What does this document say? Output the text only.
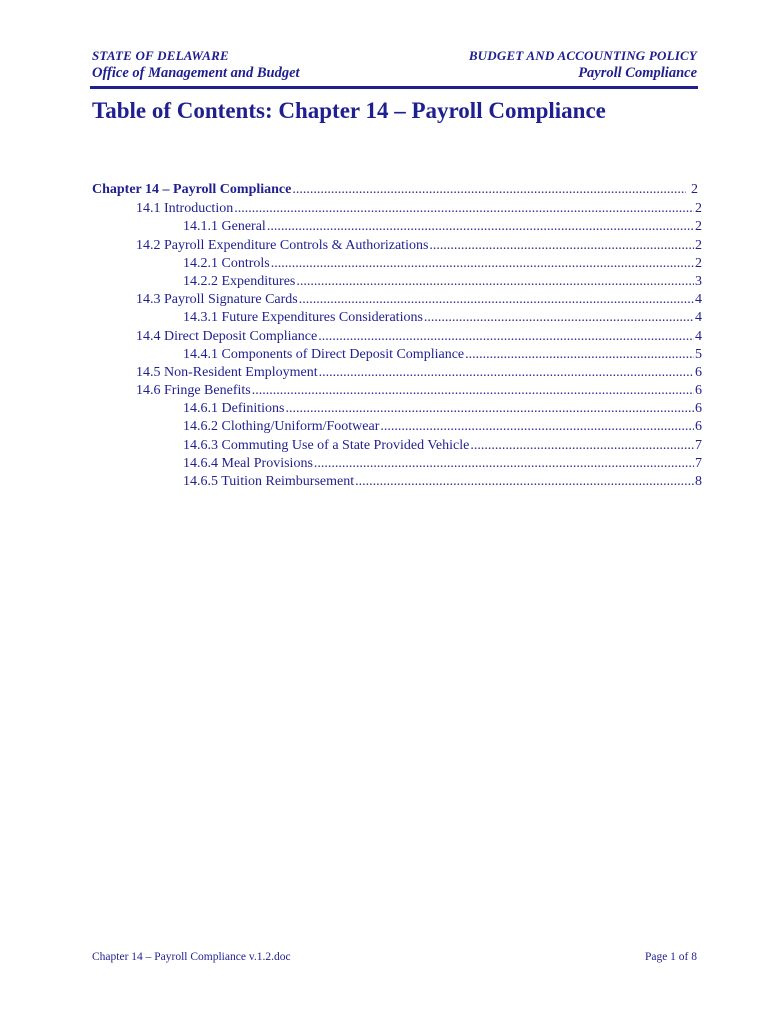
STATE OF DELAWARE
Office of Management and Budget
BUDGET AND ACCOUNTING POLICY
Payroll Compliance
Table of Contents: Chapter 14 – Payroll Compliance
Chapter 14 – Payroll Compliance .....	2
14.1 Introduction .....	2
14.1.1 General .....	2
14.2 Payroll Expenditure Controls & Authorizations .....	2
14.2.1 Controls .....	2
14.2.2 Expenditures .....	3
14.3 Payroll Signature Cards .....	4
14.3.1 Future Expenditures Considerations .....	4
14.4 Direct Deposit Compliance .....	4
14.4.1 Components of Direct Deposit Compliance .....	5
14.5 Non-Resident Employment .....	6
14.6 Fringe Benefits .....	6
14.6.1 Definitions .....	6
14.6.2 Clothing/Uniform/Footwear .....	6
14.6.3 Commuting Use of a State Provided Vehicle .....	7
14.6.4 Meal Provisions .....	7
14.6.5 Tuition Reimbursement .....	8
Chapter 14 – Payroll Compliance v.1.2.doc	Page 1 of 8
